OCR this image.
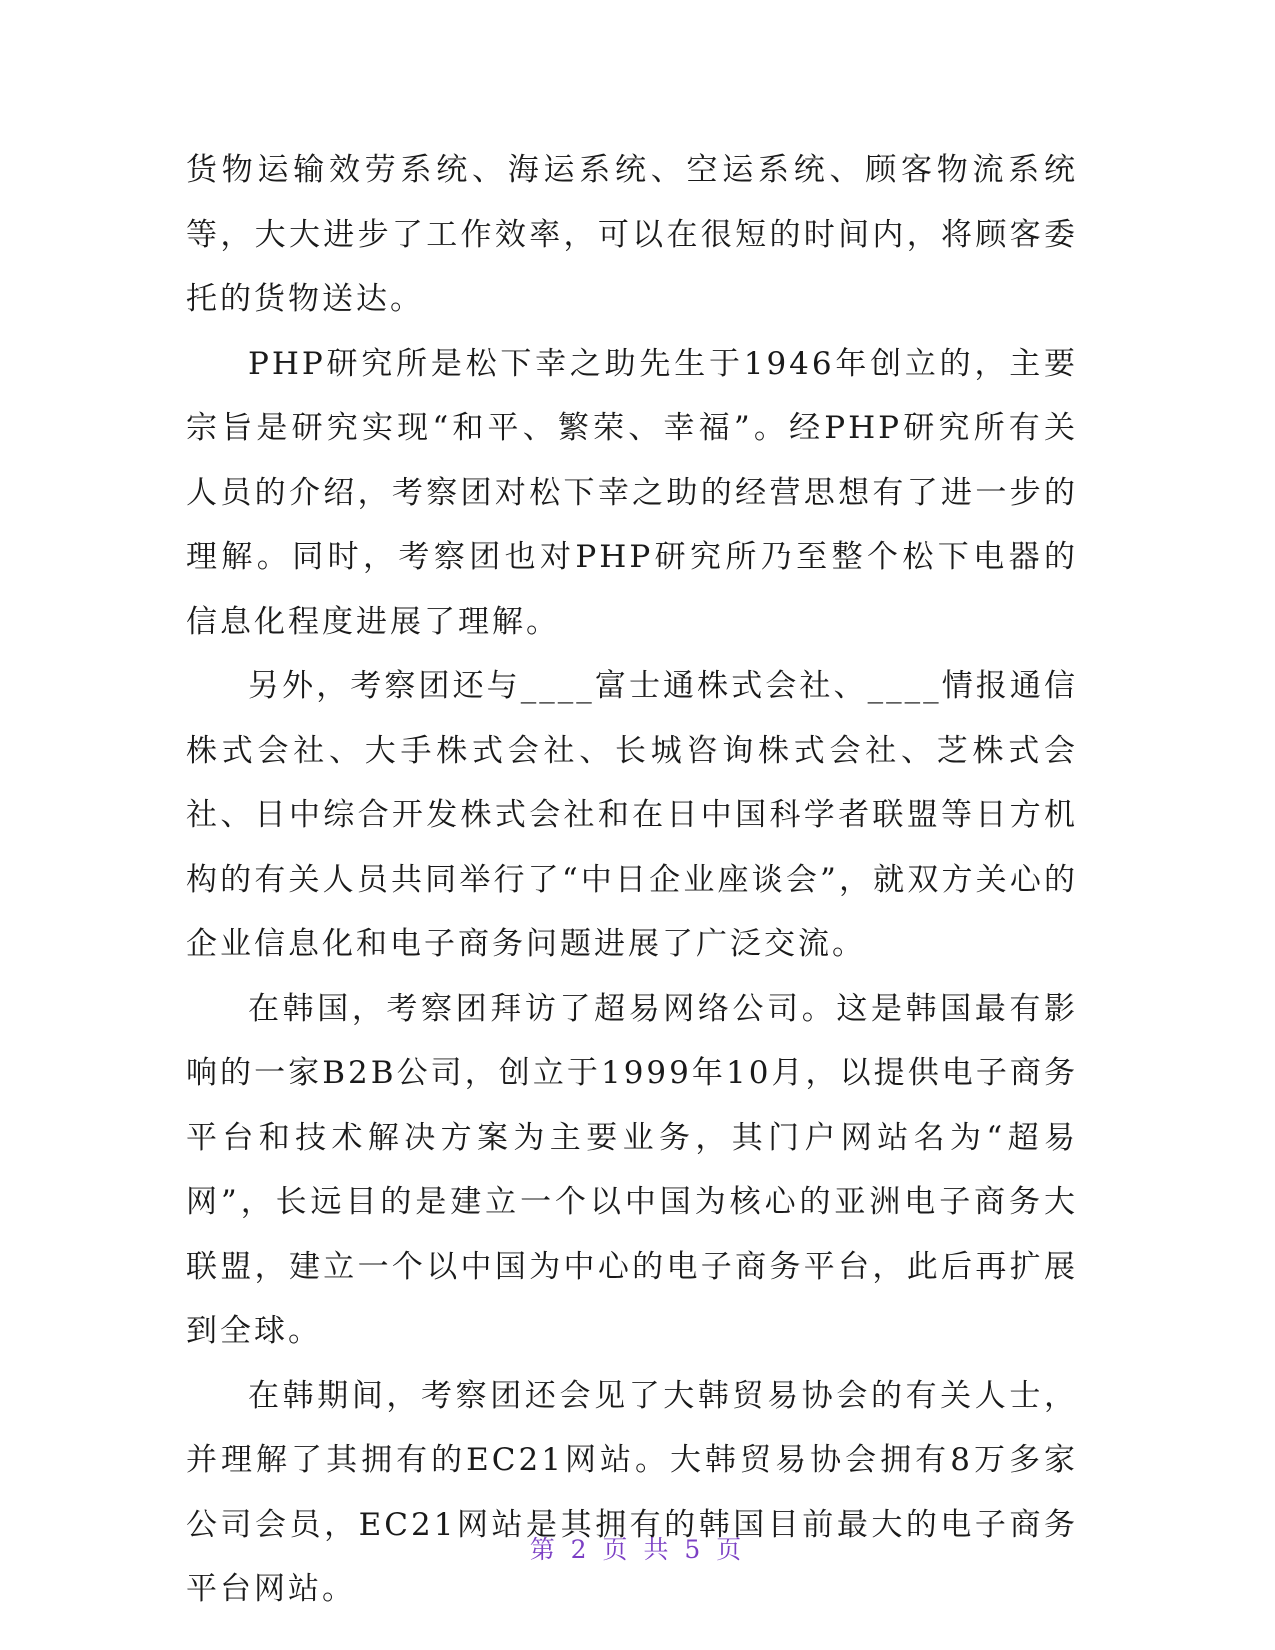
货物运输效劳系统、海运系统、空运系统、顾客物流系统等，大大进步了工作效率，可以在很短的时间内，将顾客委托的货物送达。

PHP研究所是松下幸之助先生于1946年创立的，主要宗旨是研究实现“和平、繁荣、幸福”。经PHP研究所有关人员的介绍，考察团对松下幸之助的经营思想有了进一步的理解。同时，考察团也对PHP研究所乃至整个松下电器的信息化程度进展了理解。

另外，考察团还与____富士通株式会社、____情报通信株式会社、大手株式会社、长城咨询株式会社、芝株式会社、日中综合开发株式会社和在日中国科学者联盟等日方机构的有关人员共同举行了“中日企业座谈会”，就双方关心的企业信息化和电子商务问题进展了广泛交流。

在韩国，考察团拜访了超易网络公司。这是韩国最有影响的一家B2B公司，创立于1999年10月，以提供电子商务平台和技术解决方案为主要业务，其门户网站名为“超易网”，长远目的是建立一个以中国为核心的亚洲电子商务大联盟，建立一个以中国为中心的电子商务平台，此后再扩展到全球。

在韩期间，考察团还会见了大韩贸易协会的有关人士，并理解了其拥有的EC21网站。大韩贸易协会拥有8万多家公司会员，EC21网站是其拥有的韩国目前最大的电子商务平台网站。

第 2 页 共 5 页
